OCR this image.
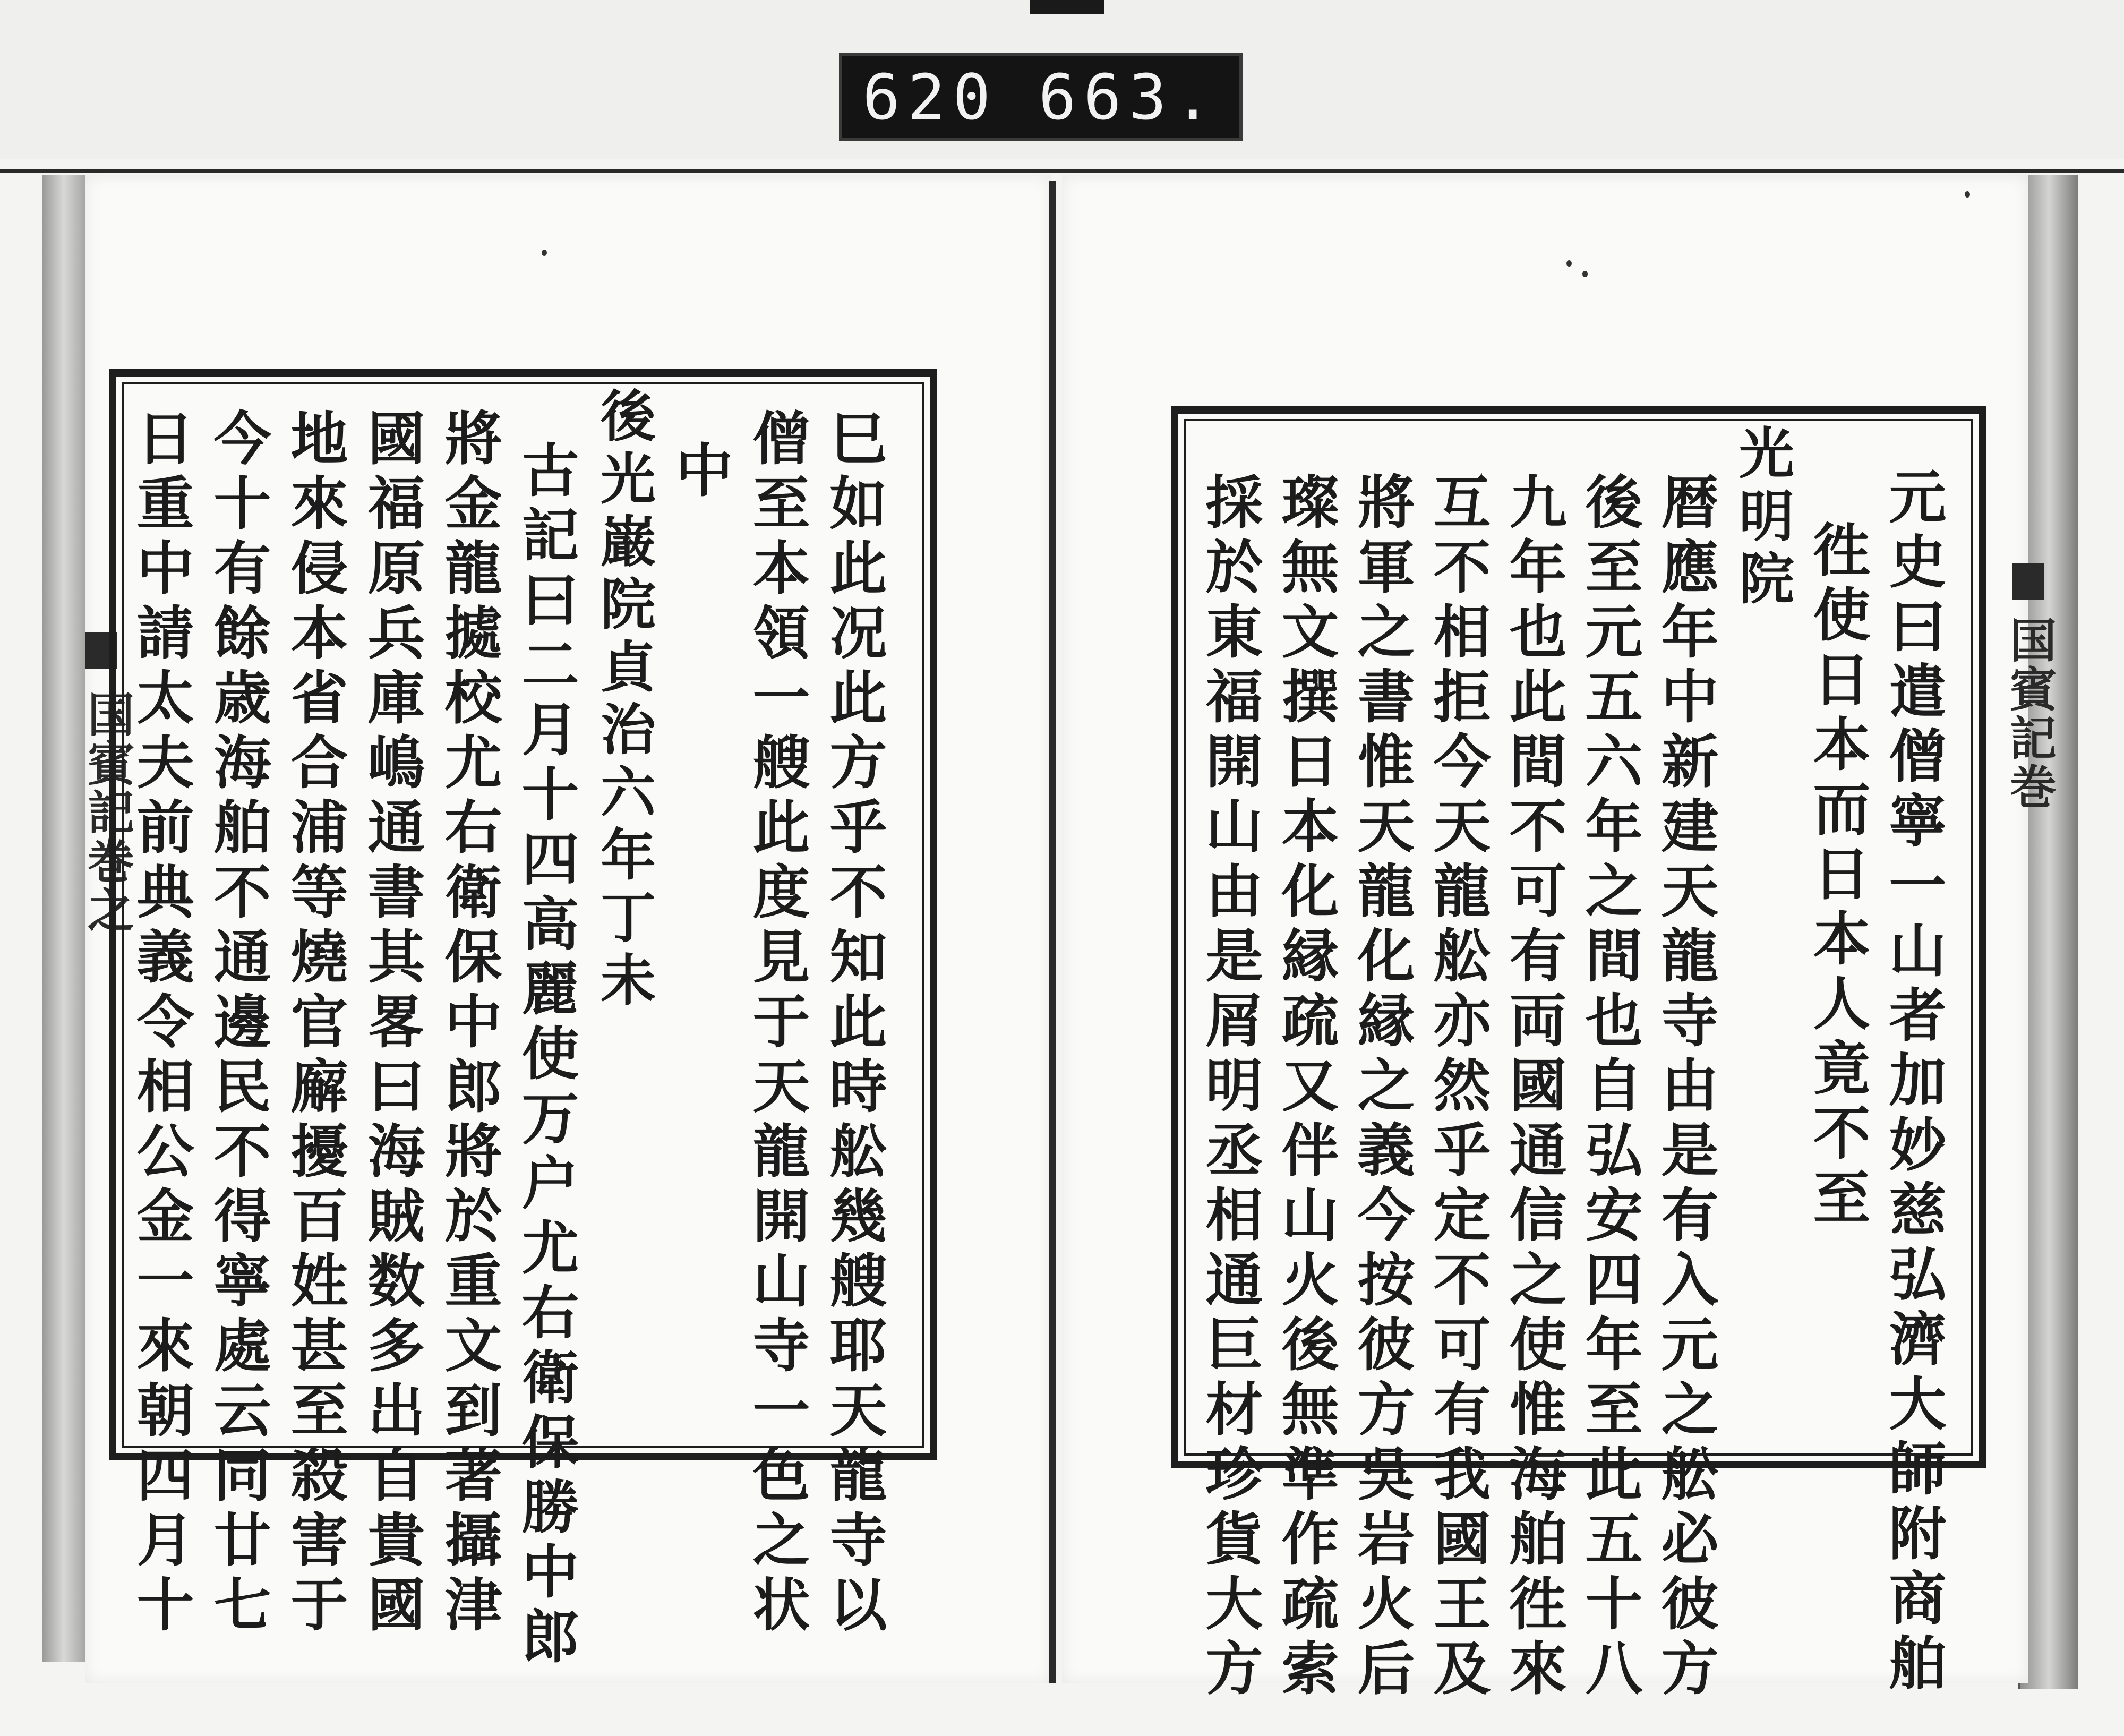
620 663.
国賓記巻之	国賓記巻
巳如此况此方乎不知此時舩幾艘耶天龍寺以
僧至本領一艘此度見于天龍開山寺一色之状
中
後光巌院貞治六年丁未
古記曰二月十四高麗使万户尤右衛保勝中郎
將金龍㨿校尤右衛保中郎將於重文到著攝津
國福原兵庫嶋通書其畧曰海賊数多出自貴國
地來侵本省合浦等燒官廨擾百姓甚至殺害于
今十有餘歳海舶不通邊民不得寧處云同廿七
日重中請太夫前典義令相公金一來朝四月十	元史曰遣僧寧一山者加妙慈弘濟大師附商舶
徃使日本而日本人竟不至
光明院
暦應年中新建天龍寺由是有入元之舩必彼方
後至元五六年之間也自弘安四年至此五十八
九年也此間不可有両國通信之使惟海舶徃來
互不相拒今天龍舩亦然乎定不可有我國王及
將軍之書惟天龍化縁之義今按彼方吳岩火后
璨無文撰日本化縁疏又伴山火後無準作疏索
採於東福開山由是屑明丞相通巨材珍貨大方
